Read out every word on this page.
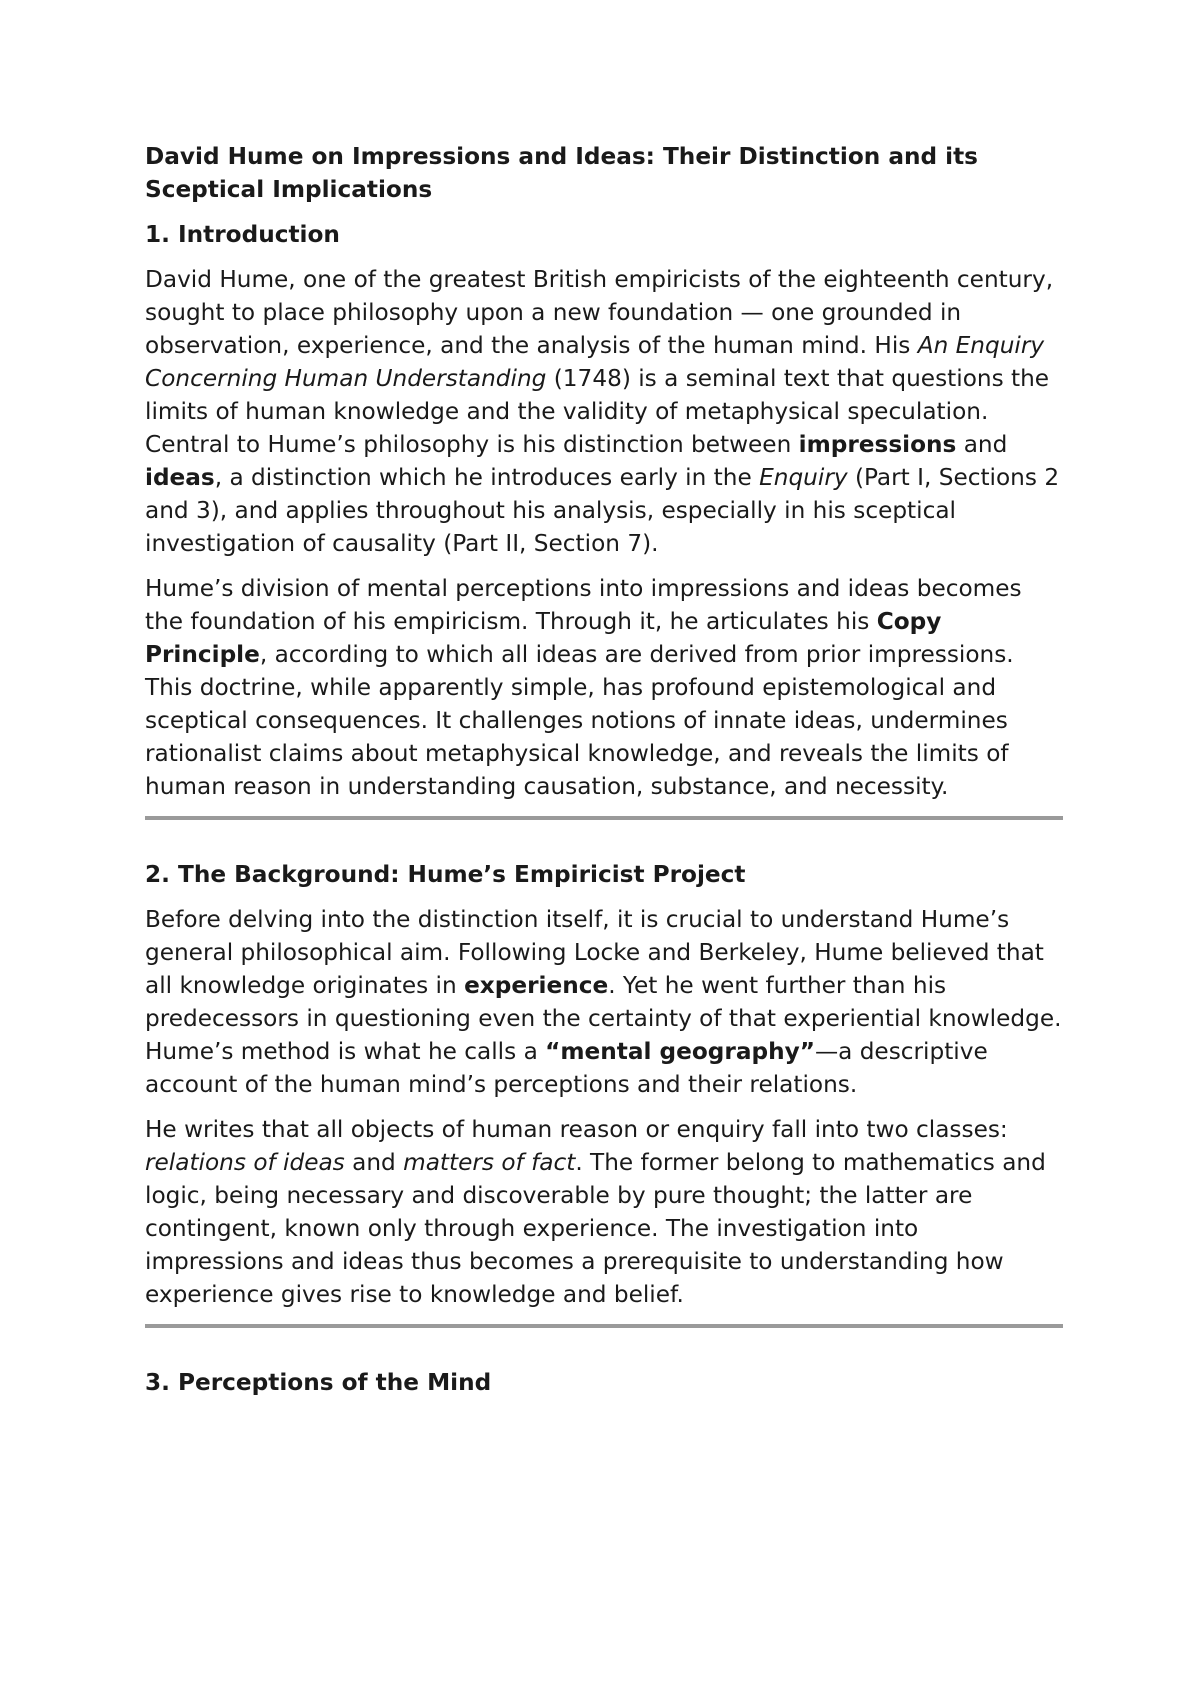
David Hume on Impressions and Ideas: Their Distinction and its Sceptical Implications
1. Introduction

David Hume, one of the greatest British empiricists of the eighteenth century, sought to place philosophy upon a new foundation — one grounded in observation, experience, and the analysis of the human mind. His An Enquiry Concerning Human Understanding (1748) is a seminal text that questions the limits of human knowledge and the validity of metaphysical speculation. Central to Hume’s philosophy is his distinction between impressions and ideas, a distinction which he introduces early in the Enquiry (Part I, Sections 2 and 3), and applies throughout his analysis, especially in his sceptical investigation of causality (Part II, Section 7).

Hume’s division of mental perceptions into impressions and ideas becomes the foundation of his empiricism. Through it, he articulates his Copy Principle, according to which all ideas are derived from prior impressions. This doctrine, while apparently simple, has profound epistemological and sceptical consequences. It challenges notions of innate ideas, undermines rationalist claims about metaphysical knowledge, and reveals the limits of human reason in understanding causation, substance, and necessity.

2. The Background: Hume’s Empiricist Project

Before delving into the distinction itself, it is crucial to understand Hume’s general philosophical aim. Following Locke and Berkeley, Hume believed that all knowledge originates in experience. Yet he went further than his predecessors in questioning even the certainty of that experiential knowledge. Hume’s method is what he calls a “mental geography”—a descriptive account of the human mind’s perceptions and their relations.

He writes that all objects of human reason or enquiry fall into two classes: relations of ideas and matters of fact. The former belong to mathematics and logic, being necessary and discoverable by pure thought; the latter are contingent, known only through experience. The investigation into impressions and ideas thus becomes a prerequisite to understanding how experience gives rise to knowledge and belief.

3. Perceptions of the Mind
